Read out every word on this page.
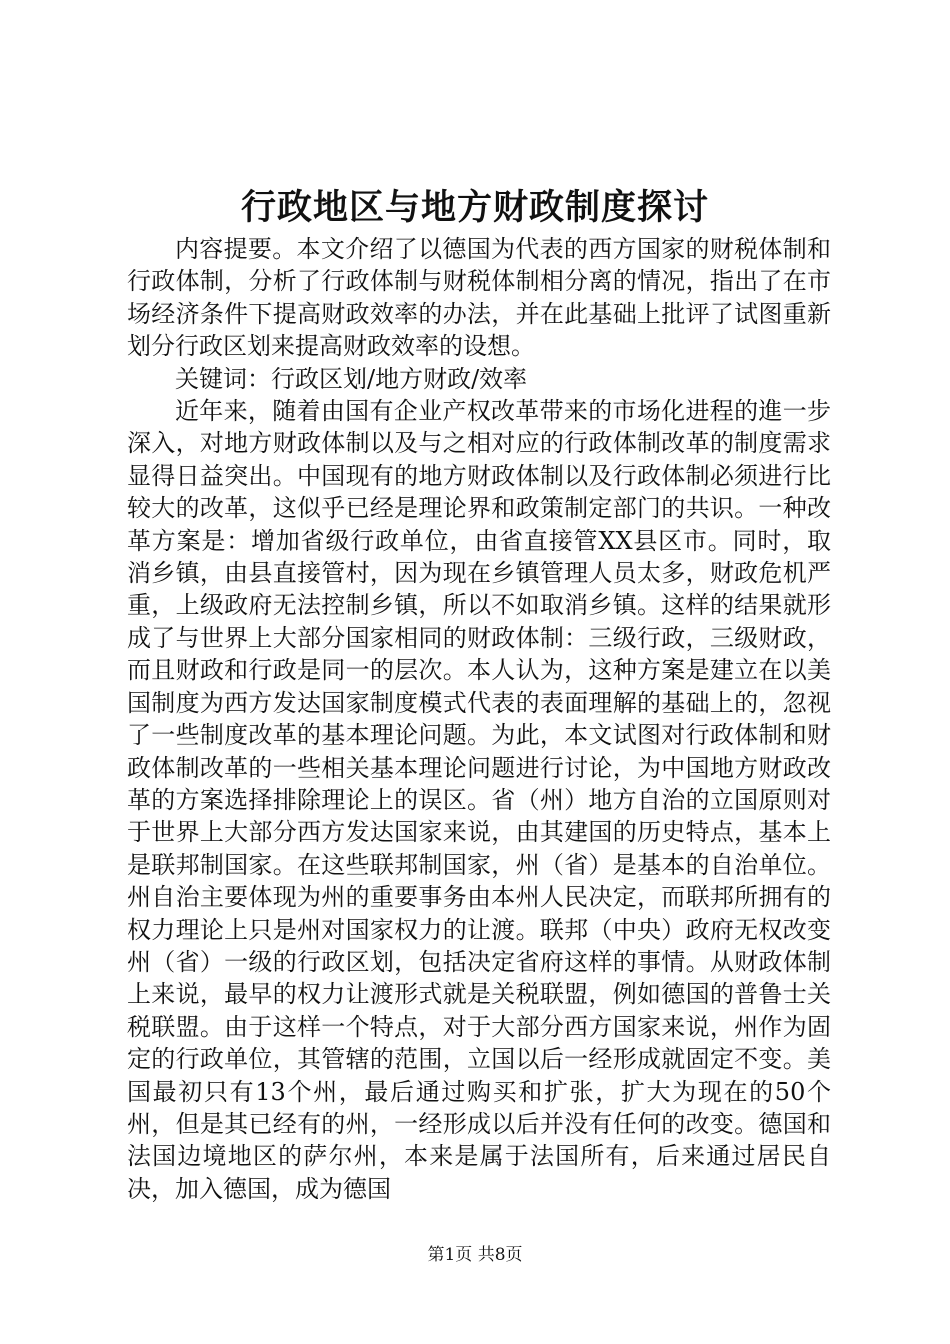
行政地区与地方财政制度探讨

内容提要。本文介绍了以德国为代表的西方国家的财税体制和行政体制，分析了行政体制与财税体制相分离的情况，指出了在市场经济条件下提高财政效率的办法，并在此基础上批评了试图重新划分行政区划来提高财政效率的设想。

关键词：行政区划/地方财政/效率

近年来，随着由国有企业产权改革带来的市场化进程的進一步深入，对地方财政体制以及与之相对应的行政体制改革的制度需求显得日益突出。中国现有的地方财政体制以及行政体制必须进行比较大的改革，这似乎已经是理论界和政策制定部门的共识。一种改革方案是：增加省级行政单位，由省直接管XX县区市。同时，取消乡镇，由县直接管村，因为现在乡镇管理人员太多，财政危机严重，上级政府无法控制乡镇，所以不如取消乡镇。这样的结果就形成了与世界上大部分国家相同的财政体制：三级行政，三级财政，而且财政和行政是同一的层次。本人认为，这种方案是建立在以美国制度为西方发达国家制度模式代表的表面理解的基础上的，忽视了一些制度改革的基本理论问题。为此，本文试图对行政体制和财政体制改革的一些相关基本理论问题进行讨论，为中国地方财政改革的方案选择排除理论上的误区。省（州）地方自治的立国原则对于世界上大部分西方发达国家来说，由其建国的历史特点，基本上是联邦制国家。在这些联邦制国家，州（省）是基本的自治单位。州自治主要体现为州的重要事务由本州人民决定，而联邦所拥有的权力理论上只是州对国家权力的让渡。联邦（中央）政府无权改变州（省）一级的行政区划，包括决定省府这样的事情。从财政体制上来说，最早的权力让渡形式就是关税联盟，例如德国的普鲁士关税联盟。由于这样一个特点，对于大部分西方国家来说，州作为固定的行政单位，其管辖的范围，立国以后一经形成就固定不变。美国最初只有13个州，最后通过购买和扩张，扩大为现在的50个州，但是其已经有的州，一经形成以后并没有任何的改变。德国和法国边境地区的萨尔州，本来是属于法国所有，后来通过居民自决，加入德国，成为德国

第1页 共8页
